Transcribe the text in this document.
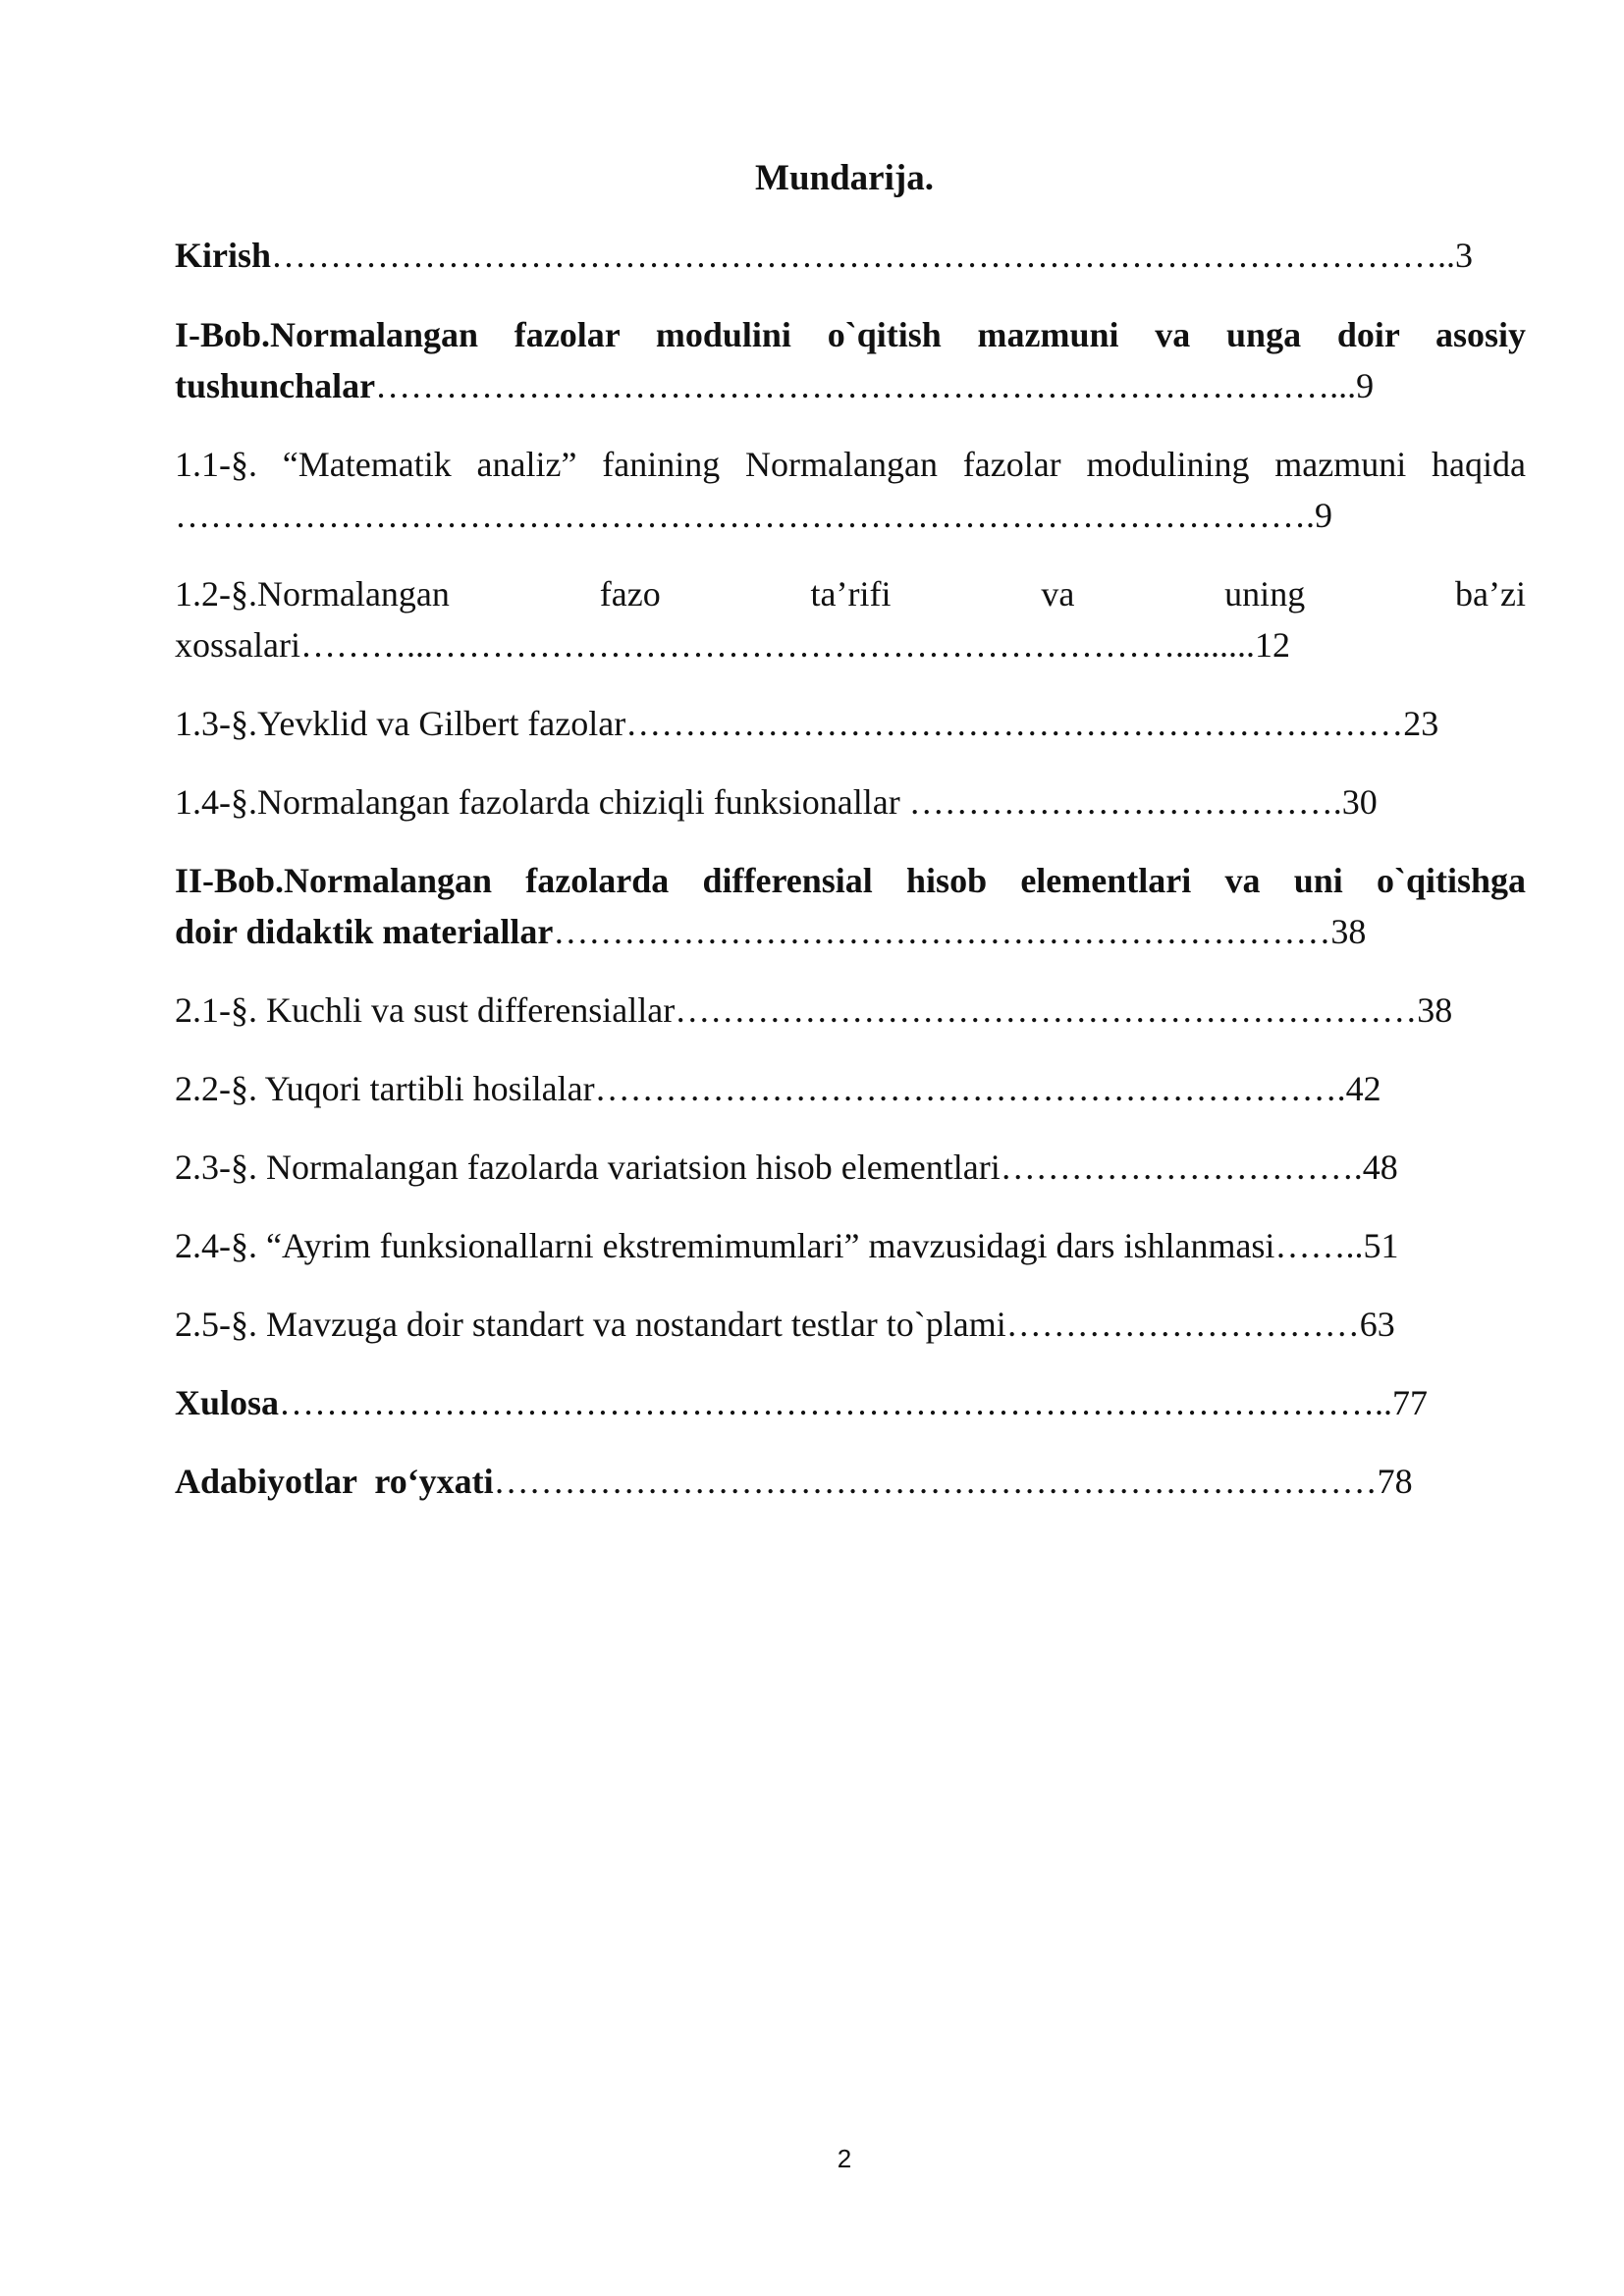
Mundarija.
Kirish………………………………………………………………………………………..3
I-Bob.Normalangan fazolar modulini o`qitish mazmuni va unga doir asosiy
tushunchalar………………………………………………………………………...9
1.1-§. “Matematik analiz” fanining Normalangan fazolar modulining mazmuni haqida
…………………………………………………………………………………….9
1.2-§.Normalangan fazo ta’rifi va uning ba’zi
xossalari………...……………………………………………………….........12
1.3-§.Yevklid va Gilbert fazolar…………………………………………………………23
1.4-§.Normalangan fazolarda chiziqli funksionallar ……………………………….30
II-Bob.Normalangan fazolarda differensial hisob elementlari va uni o`qitishga
doir didaktik materiallar…………………………………………………………38
2.1-§. Kuchli va sust differensiallar………………………………………………………38
2.2-§. Yuqori tartibli hosilalar……………………………………………………….42
2.3-§. Normalangan fazolarda variatsion hisob elementlari………………………….48
2.4-§. “Ayrim funksionallarni ekstremimumlari” mavzusidagi dars ishlanmasi……..51
2.5-§. Mavzuga doir standart va nostandart testlar to`plami…………………………63
Xulosa…………………………………………………………………………………..77
Adabiyotlar  ro‘yxati…………………………………………………………………78
2
